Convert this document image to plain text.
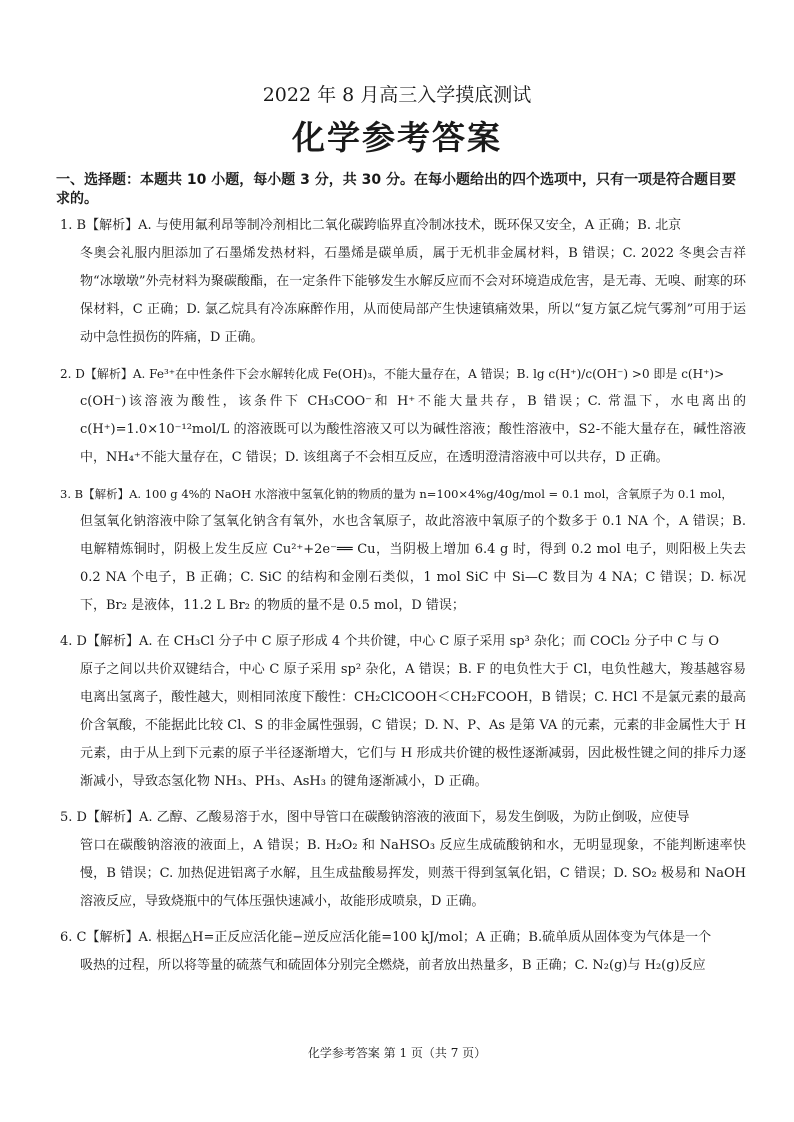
2022 年 8 月高三入学摸底测试
化学参考答案
一、选择题：本题共 10 小题，每小题 3 分，共 30 分。在每小题给出的四个选项中，只有一项是符合题目要求的。
1. B【解析】A. 与使用氟利昂等制冷剂相比二氧化碳跨临界直冷制冰技术，既环保又安全，A 正确；B. 北京
冬奥会礼服内胆添加了石墨烯发热材料，石墨烯是碳单质，属于无机非金属材料，B 错误；C. 2022 冬奥会吉祥物“冰墩墩”外壳材料为聚碳酸酯，在一定条件下能够发生水解反应而不会对环境造成危害，是无毒、无嗅、耐寒的环保材料，C 正确；D. 氯乙烷具有冷冻麻醉作用，从而使局部产生快速镇痛效果，所以“复方氯乙烷气雾剂”可用于运动中急性损伤的阵痛，D 正确。
2. D【解析】A. Fe³⁺在中性条件下会水解转化成 Fe(OH)₃，不能大量存在，A 错误；B. lg c(H⁺)/c(OH⁻) >0 即是 c(H⁺)>
c(OH⁻)该溶液为酸性，该条件下 CH₃COO⁻和 H⁺不能大量共存，B 错误；C. 常温下，水电离出的 c(H⁺)=1.0×10⁻¹²mol/L 的溶液既可以为酸性溶液又可以为碱性溶液；酸性溶液中，S2-不能大量存在，碱性溶液中，NH₄⁺不能大量存在，C 错误；D. 该组离子不会相互反应，在透明澄清溶液中可以共存，D 正确。
3. B【解析】A. 100 g 4%的 NaOH 水溶液中氢氧化钠的物质的量为 n=100×4%g/40g/mol = 0.1 mol，含氧原子为 0.1 mol，
但氢氧化钠溶液中除了氢氧化钠含有氧外，水也含氧原子，故此溶液中氧原子的个数多于 0.1 NA 个，A 错误；B. 电解精炼铜时，阴极上发生反应 Cu²⁺+2e⁻══ Cu，当阴极上增加 6.4 g 时，得到 0.2 mol 电子，则阳极上失去 0.2 NA 个电子，B 正确；C. SiC 的结构和金刚石类似，1 mol SiC 中 Si—C 数目为 4 NA；C 错误；D. 标况下，Br₂ 是液体，11.2 L Br₂ 的物质的量不是 0.5 mol，D 错误；
4. D【解析】A. 在 CH₃Cl 分子中 C 原子形成 4 个共价键，中心 C 原子采用 sp³ 杂化；而 COCl₂ 分子中 C 与 O
原子之间以共价双键结合，中心 C 原子采用 sp² 杂化，A 错误；B. F 的电负性大于 Cl，电负性越大，羧基越容易电离出氢离子，酸性越大，则相同浓度下酸性：CH₂ClCOOH＜CH₂FCOOH，B 错误；C. HCl 不是氯元素的最高价含氧酸，不能据此比较 Cl、S 的非金属性强弱，C 错误；D. N、P、As 是第 VA 的元素，元素的非金属性大于 H 元素，由于从上到下元素的原子半径逐渐增大，它们与 H 形成共价键的极性逐渐减弱，因此极性键之间的排斥力逐渐减小，导致态氢化物 NH₃、PH₃、AsH₃ 的键角逐渐减小，D 正确。
5. D【解析】A. 乙醇、乙酸易溶于水，图中导管口在碳酸钠溶液的液面下，易发生倒吸，为防止倒吸，应使导
管口在碳酸钠溶液的液面上，A 错误；B. H₂O₂ 和 NaHSO₃ 反应生成硫酸钠和水，无明显现象，不能判断速率快慢，B 错误；C. 加热促进铝离子水解，且生成盐酸易挥发，则蒸干得到氢氧化铝，C 错误；D. SO₂ 极易和 NaOH 溶液反应，导致烧瓶中的气体压强快速减小，故能形成喷泉，D 正确。
6. C【解析】A. 根据△H=正反应活化能−逆反应活化能=100 kJ/mol；A 正确；B.硫单质从固体变为气体是一个
吸热的过程，所以将等量的硫蒸气和硫固体分别完全燃烧，前者放出热量多，B 正确；C. N₂(g)与 H₂(g)反应
化学参考答案 第 1 页（共 7 页）
